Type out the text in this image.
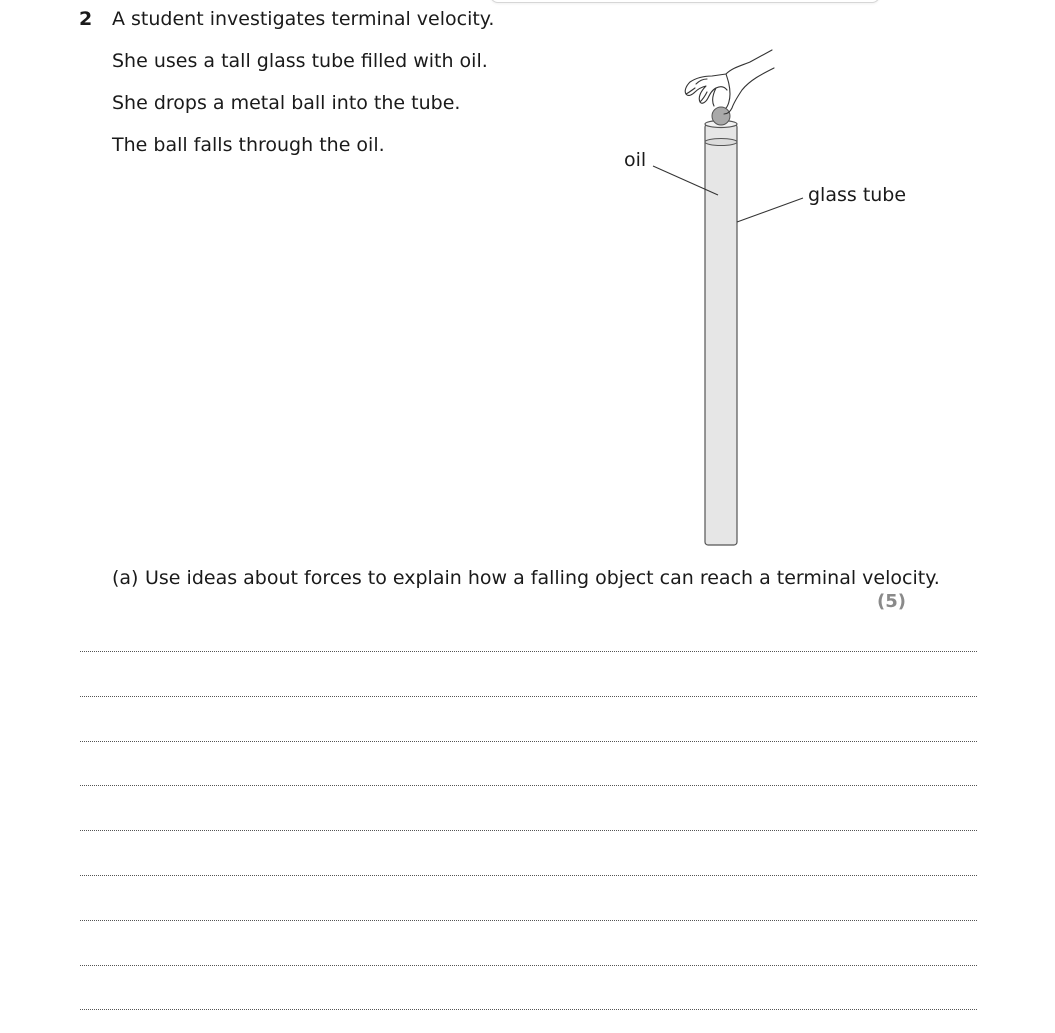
2 A student investigates terminal velocity.
She uses a tall glass tube filled with oil.
She drops a metal ball into the tube.
The ball falls through the oil.
oil
glass tube
(a) Use ideas about forces to explain how a falling object can reach a terminal velocity.
(5)
